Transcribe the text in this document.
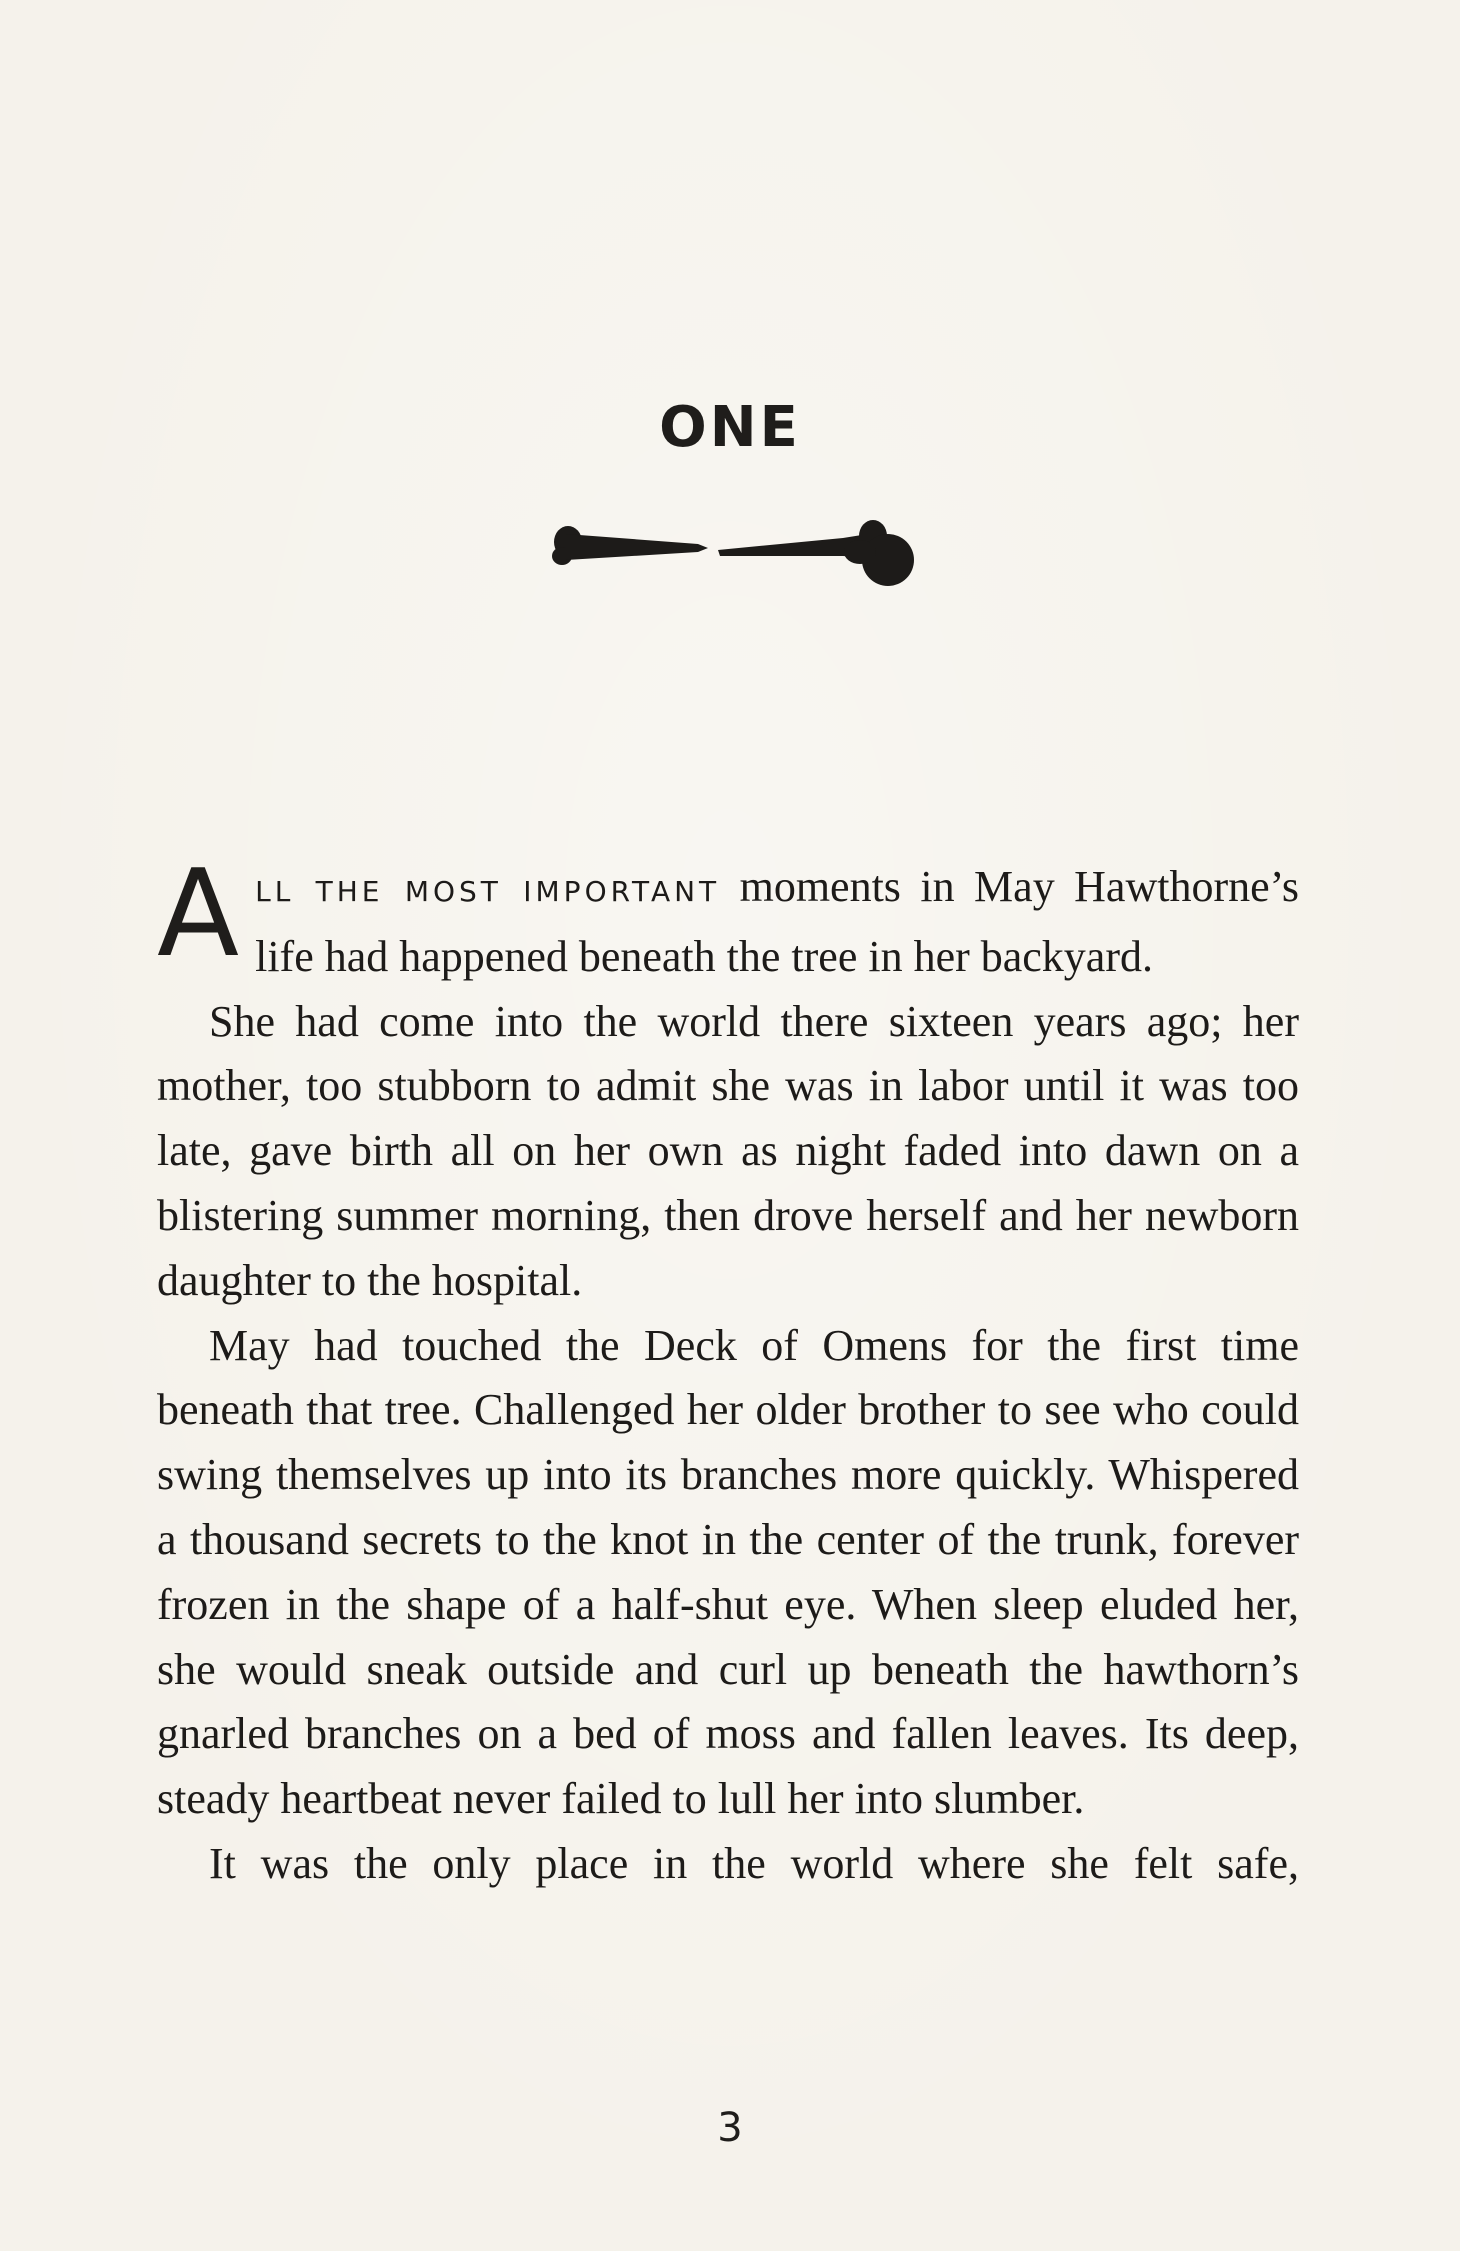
ONE

ALL THE MOST IMPORTANT moments in May Hawthorne’s life had happened beneath the tree in her backyard.

She had come into the world there sixteen years ago; her mother, too stubborn to admit she was in labor until it was too late, gave birth all on her own as night faded into dawn on a blistering summer morning, then drove herself and her newborn daughter to the hospital.

May had touched the Deck of Omens for the first time beneath that tree. Challenged her older brother to see who could swing themselves up into its branches more quickly. Whispered a thousand secrets to the knot in the center of the trunk, forever frozen in the shape of a half-shut eye. When sleep eluded her, she would sneak outside and curl up beneath the hawthorn’s gnarled branches on a bed of moss and fallen leaves. Its deep, steady heartbeat never failed to lull her into slumber.

It was the only place in the world where she felt safe,

3
